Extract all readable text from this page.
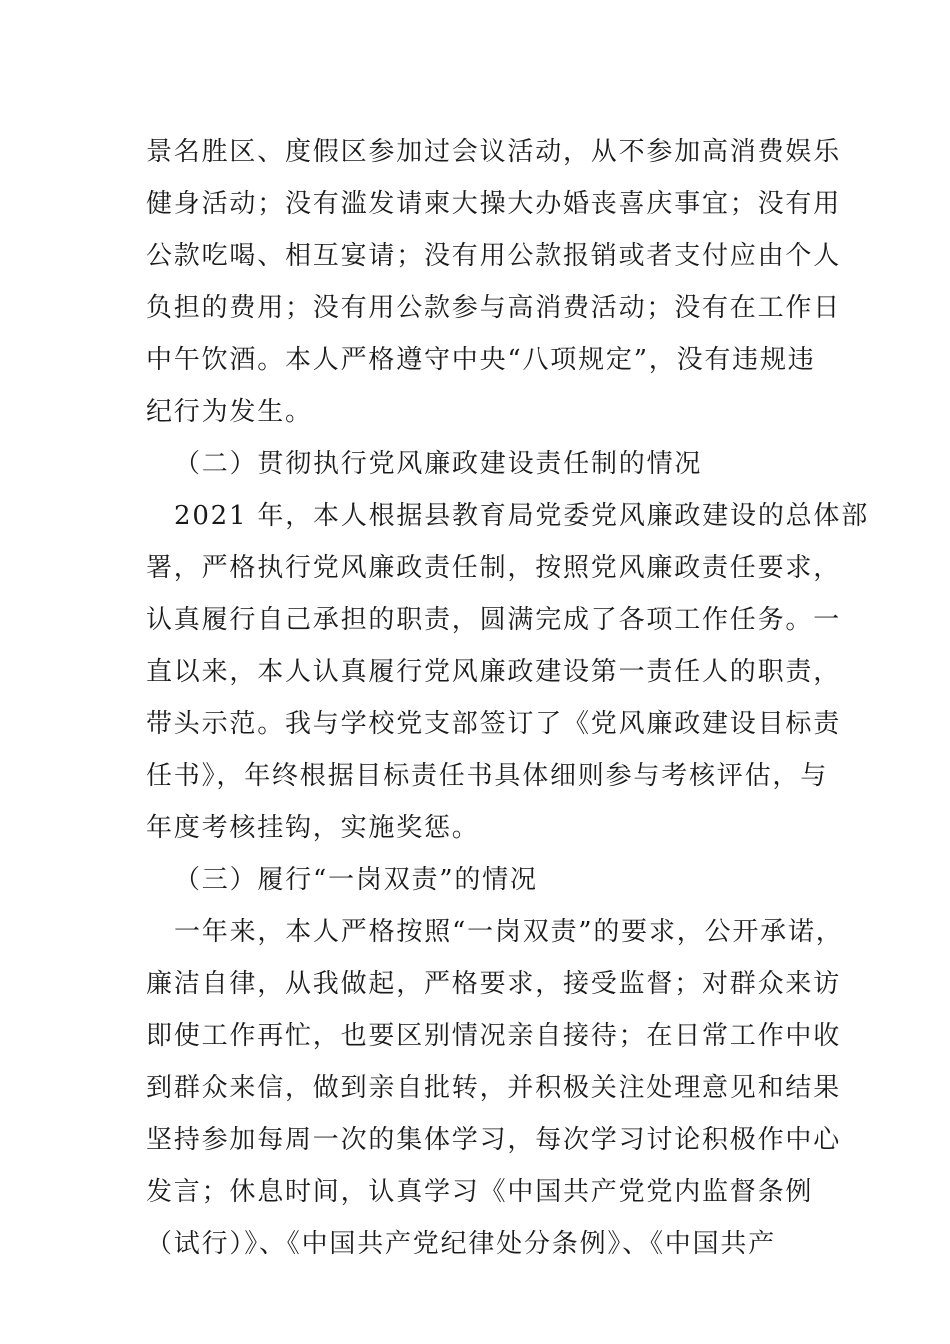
景名胜区、度假区参加过会议活动，从不参加高消费娱乐
健身活动；没有滥发请柬大操大办婚丧喜庆事宜；没有用
公款吃喝、相互宴请；没有用公款报销或者支付应由个人
负担的费用；没有用公款参与高消费活动；没有在工作日
中午饮酒。本人严格遵守中央“八项规定”，没有违规违
纪行为发生。
（二）贯彻执行党风廉政建设责任制的情况
2021 年，本人根据县教育局党委党风廉政建设的总体部
署，严格执行党风廉政责任制，按照党风廉政责任要求，
认真履行自己承担的职责，圆满完成了各项工作任务。一
直以来，本人认真履行党风廉政建设第一责任人的职责，
带头示范。我与学校党支部签订了《党风廉政建设目标责
任书》，年终根据目标责任书具体细则参与考核评估，与
年度考核挂钩，实施奖惩。
（三）履行“一岗双责”的情况
一年来，本人严格按照“一岗双责”的要求，公开承诺，
廉洁自律，从我做起，严格要求，接受监督；对群众来访
即使工作再忙，也要区别情况亲自接待；在日常工作中收
到群众来信，做到亲自批转，并积极关注处理意见和结果
坚持参加每周一次的集体学习，每次学习讨论积极作中心
发言；休息时间，认真学习《中国共产党党内监督条例
（试行）》、《中国共产党纪律处分条例》、《中国共产
